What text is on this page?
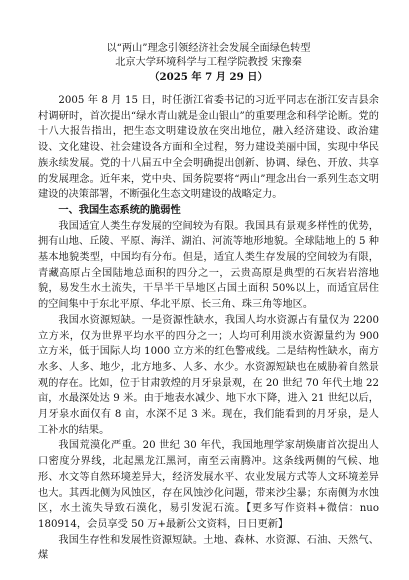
以“两山”理念引领经济社会发展全面绿色转型
北京大学环境科学与工程学院教授 宋豫秦
（2025 年 7 月 29 日）

2005 年 8 月 15 日，时任浙江省委书记的习近平同志在浙江安吉县余村调研时，首次提出“绿水青山就是金山银山”的重要理念和科学论断。党的十八大报告指出，把生态文明建设放在突出地位，融入经济建设、政治建设、文化建设、社会建设各方面和全过程，努力建设美丽中国，实现中华民族永续发展。党的十八届五中全会明确提出创新、协调、绿色、开放、共享的发展理念。近年来，党中央、国务院要将“两山”理念出台一系列生态文明建设的决策部署，不断强化生态文明建设的战略定力。

一、我国生态系统的脆弱性

我国适宜人类生存发展的空间较为有限。我国具有景观多样性的优势，拥有山地、丘陵、平原、海洋、湖泊、河流等地形地貌。全球陆地上的 5 种基本地貌类型，中国均有分布。但是，适宜人类生存发展的空间较为有限，青藏高原占全国陆地总面积的四分之一，云贵高原是典型的石灰岩岩溶地貌，易发生水土流失，干旱半干旱地区占国土面积 50%以上，而适宜居住的空间集中于东北平原、华北平原、长三角、珠三角等地区。

我国水资源短缺。一是资源性缺水，我国人均水资源占有量仅为 2200 立方米，仅为世界平均水平的四分之一；人均可利用淡水资源量约为 900 立方米，低于国际人均 1000 立方米的红色警戒线。二是结构性缺水，南方水多、人多、地少，北方地多、人多、水少。水资源短缺也在威胁着自然景观的存在。比如，位于甘肃敦煌的月牙泉景观，在 20 世纪 70 年代土地 22 亩，水最深处达 9 米。由于地表水减少、地下水下降，进入 21 世纪以后，月牙泉水面仅有 8 亩，水深不足 3 米。现在，我们能看到的月牙泉，是人工补水的结果。

我国荒漠化严重。20 世纪 30 年代，我国地理学家胡焕庸首次提出人口密度分界线，北起黑龙江黑河，南至云南腾冲。这条线两侧的气候、地形、水文等自然环境差异大，经济发展水平、农业发展方式等人文环境差异也大。其西北侧为风蚀区，存在风蚀沙化问题，带来沙尘暴；东南侧为水蚀区，水土流失导致石漠化，易引发泥石流。【更多写作资料+微信：nuo 180914，会员享受 50 万+最新公文资料，日日更新】

我国生存性和发展性资源短缺。土地、森林、水资源、石油、天然气、煤
